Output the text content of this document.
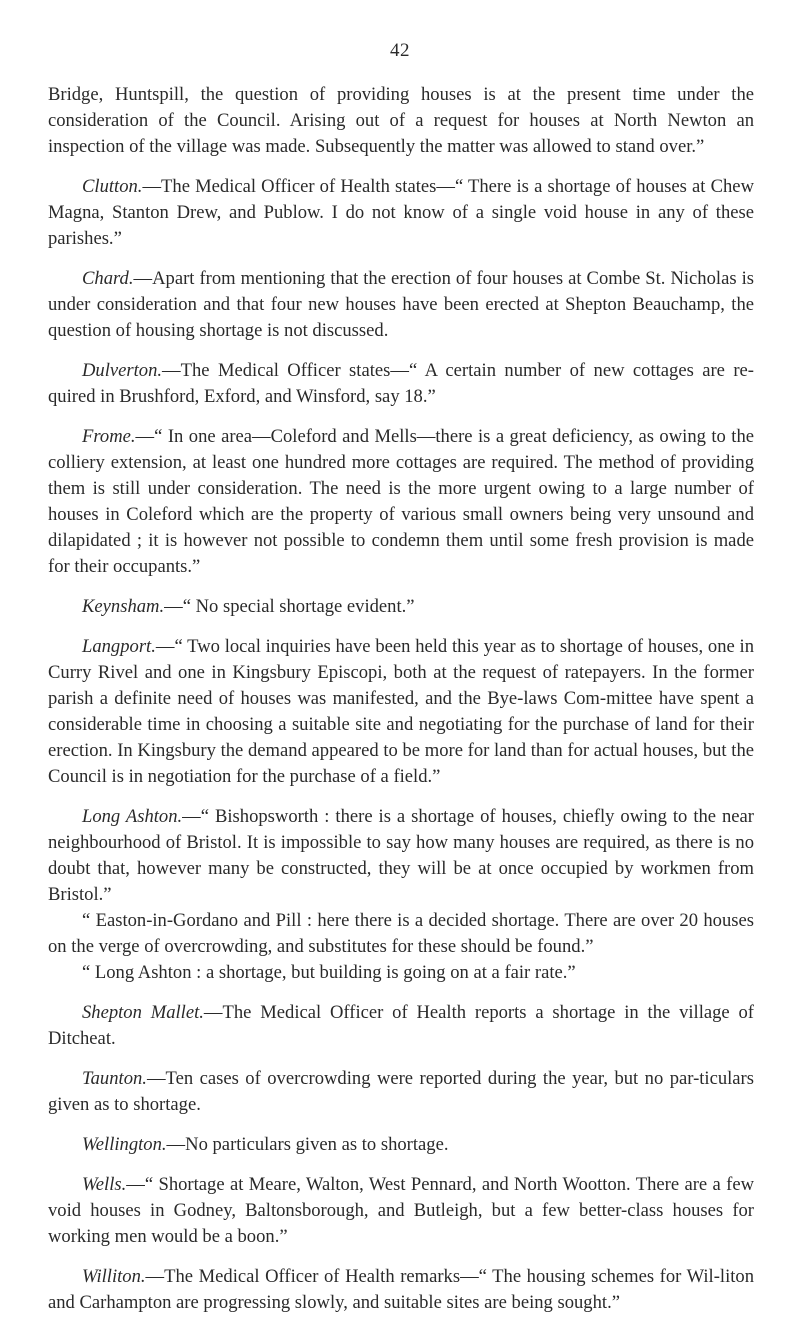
42

Bridge, Huntspill, the question of providing houses is at the present time under the consideration of the Council. Arising out of a request for houses at North Newton an inspection of the village was made. Subsequently the matter was allowed to stand over.”

Clutton.—The Medical Officer of Health states—“ There is a shortage of houses at Chew Magna, Stanton Drew, and Publow. I do not know of a single void house in any of these parishes.”

Chard.—Apart from mentioning that the erection of four houses at Combe St. Nicholas is under consideration and that four new houses have been erected at Shepton Beauchamp, the question of housing shortage is not discussed.

Dulverton.—The Medical Officer states—“ A certain number of new cottages are re-quired in Brushford, Exford, and Winsford, say 18.”

Frome.—“ In one area—Coleford and Mells—there is a great deficiency, as owing to the colliery extension, at least one hundred more cottages are required. The method of providing them is still under consideration. The need is the more urgent owing to a large number of houses in Coleford which are the property of various small owners being very unsound and dilapidated ; it is however not possible to condemn them until some fresh provision is made for their occupants.”

Keynsham.—“ No special shortage evident.”

Langport.—“ Two local inquiries have been held this year as to shortage of houses, one in Curry Rivel and one in Kingsbury Episcopi, both at the request of ratepayers. In the former parish a definite need of houses was manifested, and the Bye-laws Com-mittee have spent a considerable time in choosing a suitable site and negotiating for the purchase of land for their erection. In Kingsbury the demand appeared to be more for land than for actual houses, but the Council is in negotiation for the purchase of a field.”

Long Ashton.—“ Bishopsworth : there is a shortage of houses, chiefly owing to the near neighbourhood of Bristol. It is impossible to say how many houses are required, as there is no doubt that, however many be constructed, they will be at once occupied by workmen from Bristol.”

“ Easton-in-Gordano and Pill : here there is a decided shortage. There are over 20 houses on the verge of overcrowding, and substitutes for these should be found.”

“ Long Ashton : a shortage, but building is going on at a fair rate.”

Shepton Mallet.—The Medical Officer of Health reports a shortage in the village of Ditcheat.

Taunton.—Ten cases of overcrowding were reported during the year, but no par-ticulars given as to shortage.

Wellington.—No particulars given as to shortage.

Wells.—“ Shortage at Meare, Walton, West Pennard, and North Wootton. There are a few void houses in Godney, Baltonsborough, and Butleigh, but a few better-class houses for working men would be a boon.”

Williton.—The Medical Officer of Health remarks—“ The housing schemes for Wil-liton and Carhampton are progressing slowly, and suitable sites are being sought.”
